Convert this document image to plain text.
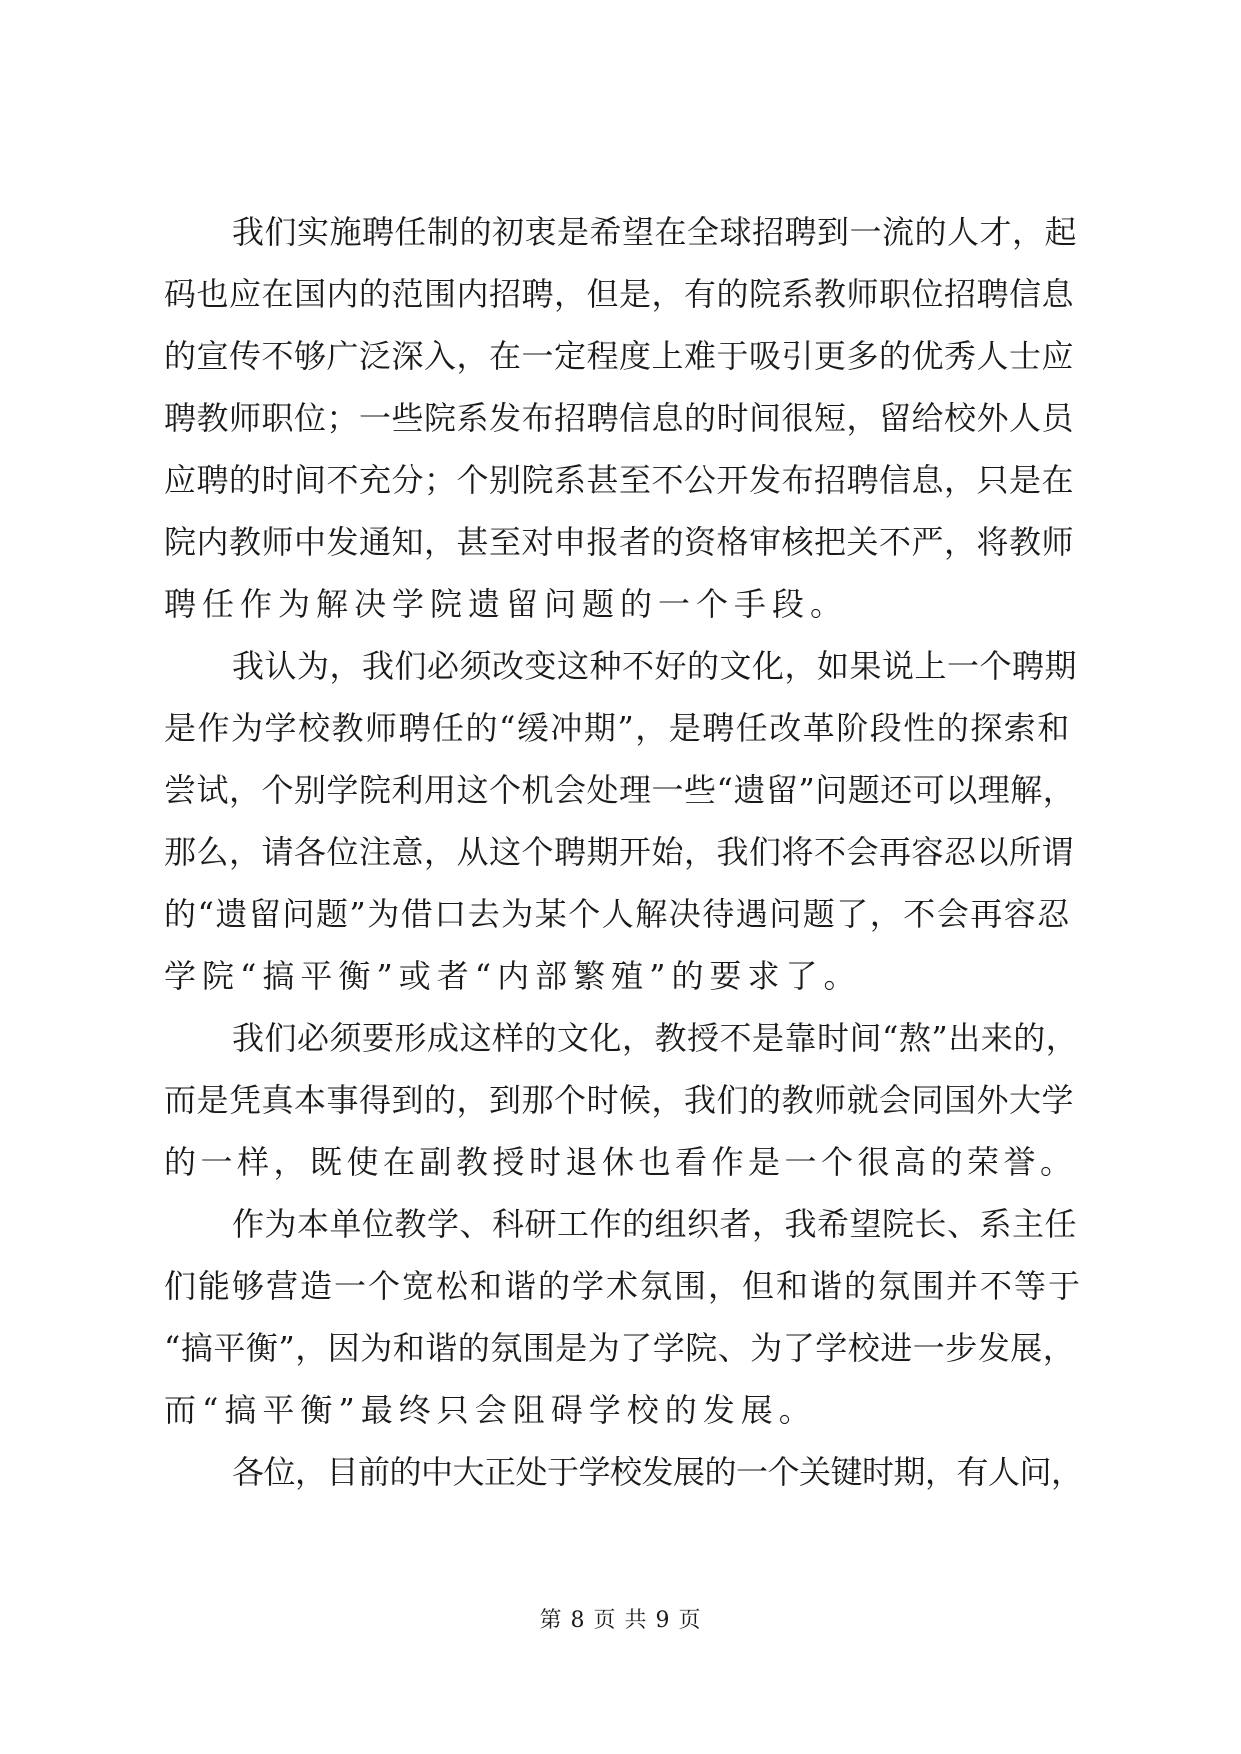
我们实施聘任制的初衷是希望在全球招聘到一流的人才，起
码也应在国内的范围内招聘，但是，有的院系教师职位招聘信息
的宣传不够广泛深入，在一定程度上难于吸引更多的优秀人士应
聘教师职位；一些院系发布招聘信息的时间很短，留给校外人员
应聘的时间不充分；个别院系甚至不公开发布招聘信息，只是在
院内教师中发通知，甚至对申报者的资格审核把关不严，将教师
聘任作为解决学院遗留问题的一个手段。
我认为，我们必须改变这种不好的文化，如果说上一个聘期
是作为学校教师聘任的“缓冲期”，是聘任改革阶段性的探索和
尝试，个别学院利用这个机会处理一些“遗留”问题还可以理解，
那么，请各位注意，从这个聘期开始，我们将不会再容忍以所谓
的“遗留问题”为借口去为某个人解决待遇问题了，不会再容忍
学院“搞平衡”或者“内部繁殖”的要求了。
我们必须要形成这样的文化，教授不是靠时间“熬”出来的，
而是凭真本事得到的，到那个时候，我们的教师就会同国外大学
的一样，既使在副教授时退休也看作是一个很高的荣誉。
作为本单位教学、科研工作的组织者，我希望院长、系主任
们能够营造一个宽松和谐的学术氛围，但和谐的氛围并不等于
“搞平衡”，因为和谐的氛围是为了学院、为了学校进一步发展，
而“搞平衡”最终只会阻碍学校的发展。
各位，目前的中大正处于学校发展的一个关键时期，有人问，
第 8 页 共 9 页
